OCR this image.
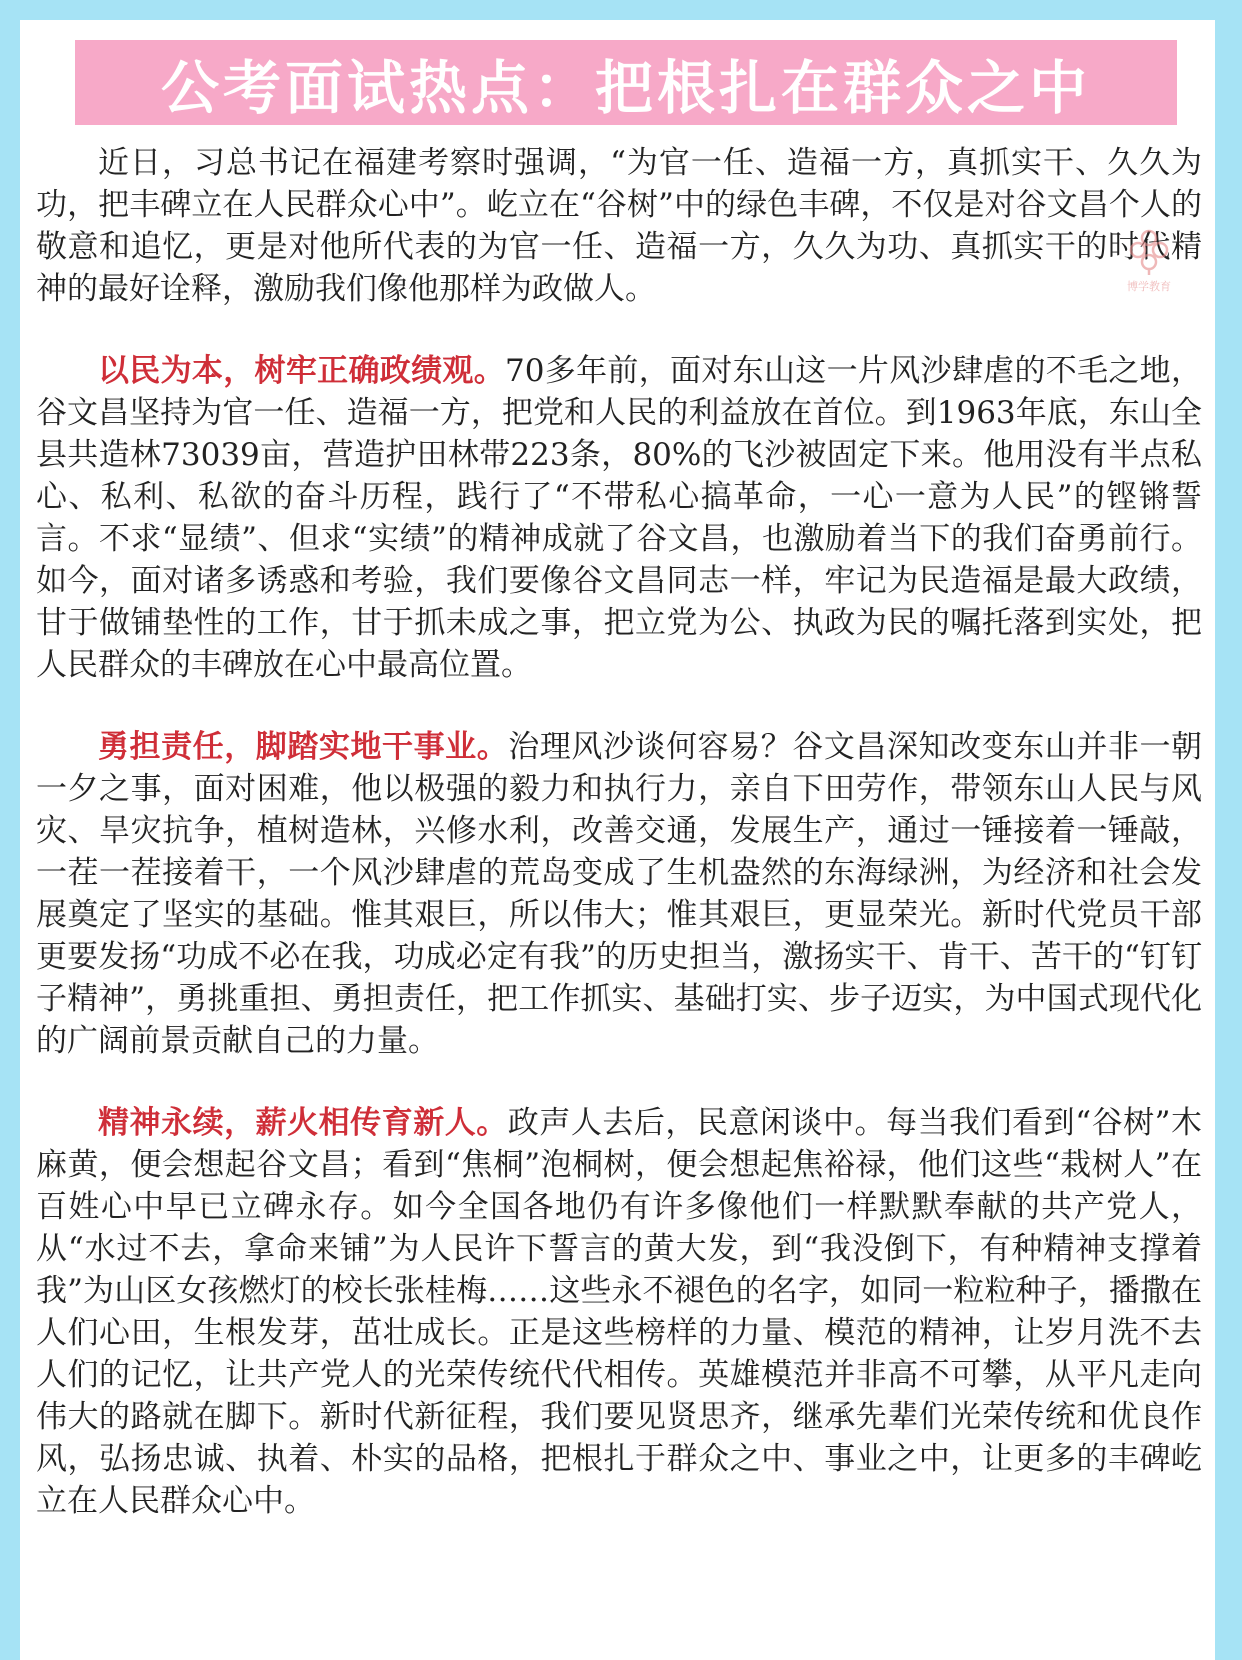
公考面试热点：把根扎在群众之中

近日，习总书记在福建考察时强调，“为官一任、造福一方，真抓实干、久久为功，把丰碑立在人民群众心中”。屹立在“谷树”中的绿色丰碑，不仅是对谷文昌个人的敬意和追忆，更是对他所代表的为官一任、造福一方，久久为功、真抓实干的时代精神的最好诠释，激励我们像他那样为政做人。

以民为本，树牢正确政绩观。70多年前，面对东山这一片风沙肆虐的不毛之地，谷文昌坚持为官一任、造福一方，把党和人民的利益放在首位。到1963年底，东山全县共造林73039亩，营造护田林带223条，80%的飞沙被固定下来。他用没有半点私心、私利、私欲的奋斗历程，践行了“不带私心搞革命，一心一意为人民”的铿锵誓言。不求“显绩”、但求“实绩”的精神成就了谷文昌，也激励着当下的我们奋勇前行。如今，面对诸多诱惑和考验，我们要像谷文昌同志一样，牢记为民造福是最大政绩，甘于做铺垫性的工作，甘于抓未成之事，把立党为公、执政为民的嘱托落到实处，把人民群众的丰碑放在心中最高位置。

勇担责任，脚踏实地干事业。治理风沙谈何容易？谷文昌深知改变东山并非一朝一夕之事，面对困难，他以极强的毅力和执行力，亲自下田劳作，带领东山人民与风灾、旱灾抗争，植树造林，兴修水利，改善交通，发展生产，通过一锤接着一锤敲，一茬一茬接着干，一个风沙肆虐的荒岛变成了生机盎然的东海绿洲，为经济和社会发展奠定了坚实的基础。惟其艰巨，所以伟大；惟其艰巨，更显荣光。新时代党员干部更要发扬“功成不必在我，功成必定有我”的历史担当，激扬实干、肯干、苦干的“钉钉子精神”，勇挑重担、勇担责任，把工作抓实、基础打实、步子迈实，为中国式现代化的广阔前景贡献自己的力量。

精神永续，薪火相传育新人。政声人去后，民意闲谈中。每当我们看到“谷树”木麻黄，便会想起谷文昌；看到“焦桐”泡桐树，便会想起焦裕禄，他们这些“栽树人”在百姓心中早已立碑永存。如今全国各地仍有许多像他们一样默默奉献的共产党人，从“水过不去，拿命来铺”为人民许下誓言的黄大发，到“我没倒下，有种精神支撑着我”为山区女孩燃灯的校长张桂梅……这些永不褪色的名字，如同一粒粒种子，播撒在人们心田，生根发芽，茁壮成长。正是这些榜样的力量、模范的精神，让岁月洗不去人们的记忆，让共产党人的光荣传统代代相传。英雄模范并非高不可攀，从平凡走向伟大的路就在脚下。新时代新征程，我们要见贤思齐，继承先辈们光荣传统和优良作风，弘扬忠诚、执着、朴实的品格，把根扎于群众之中、事业之中，让更多的丰碑屹立在人民群众心中。

博学教育
